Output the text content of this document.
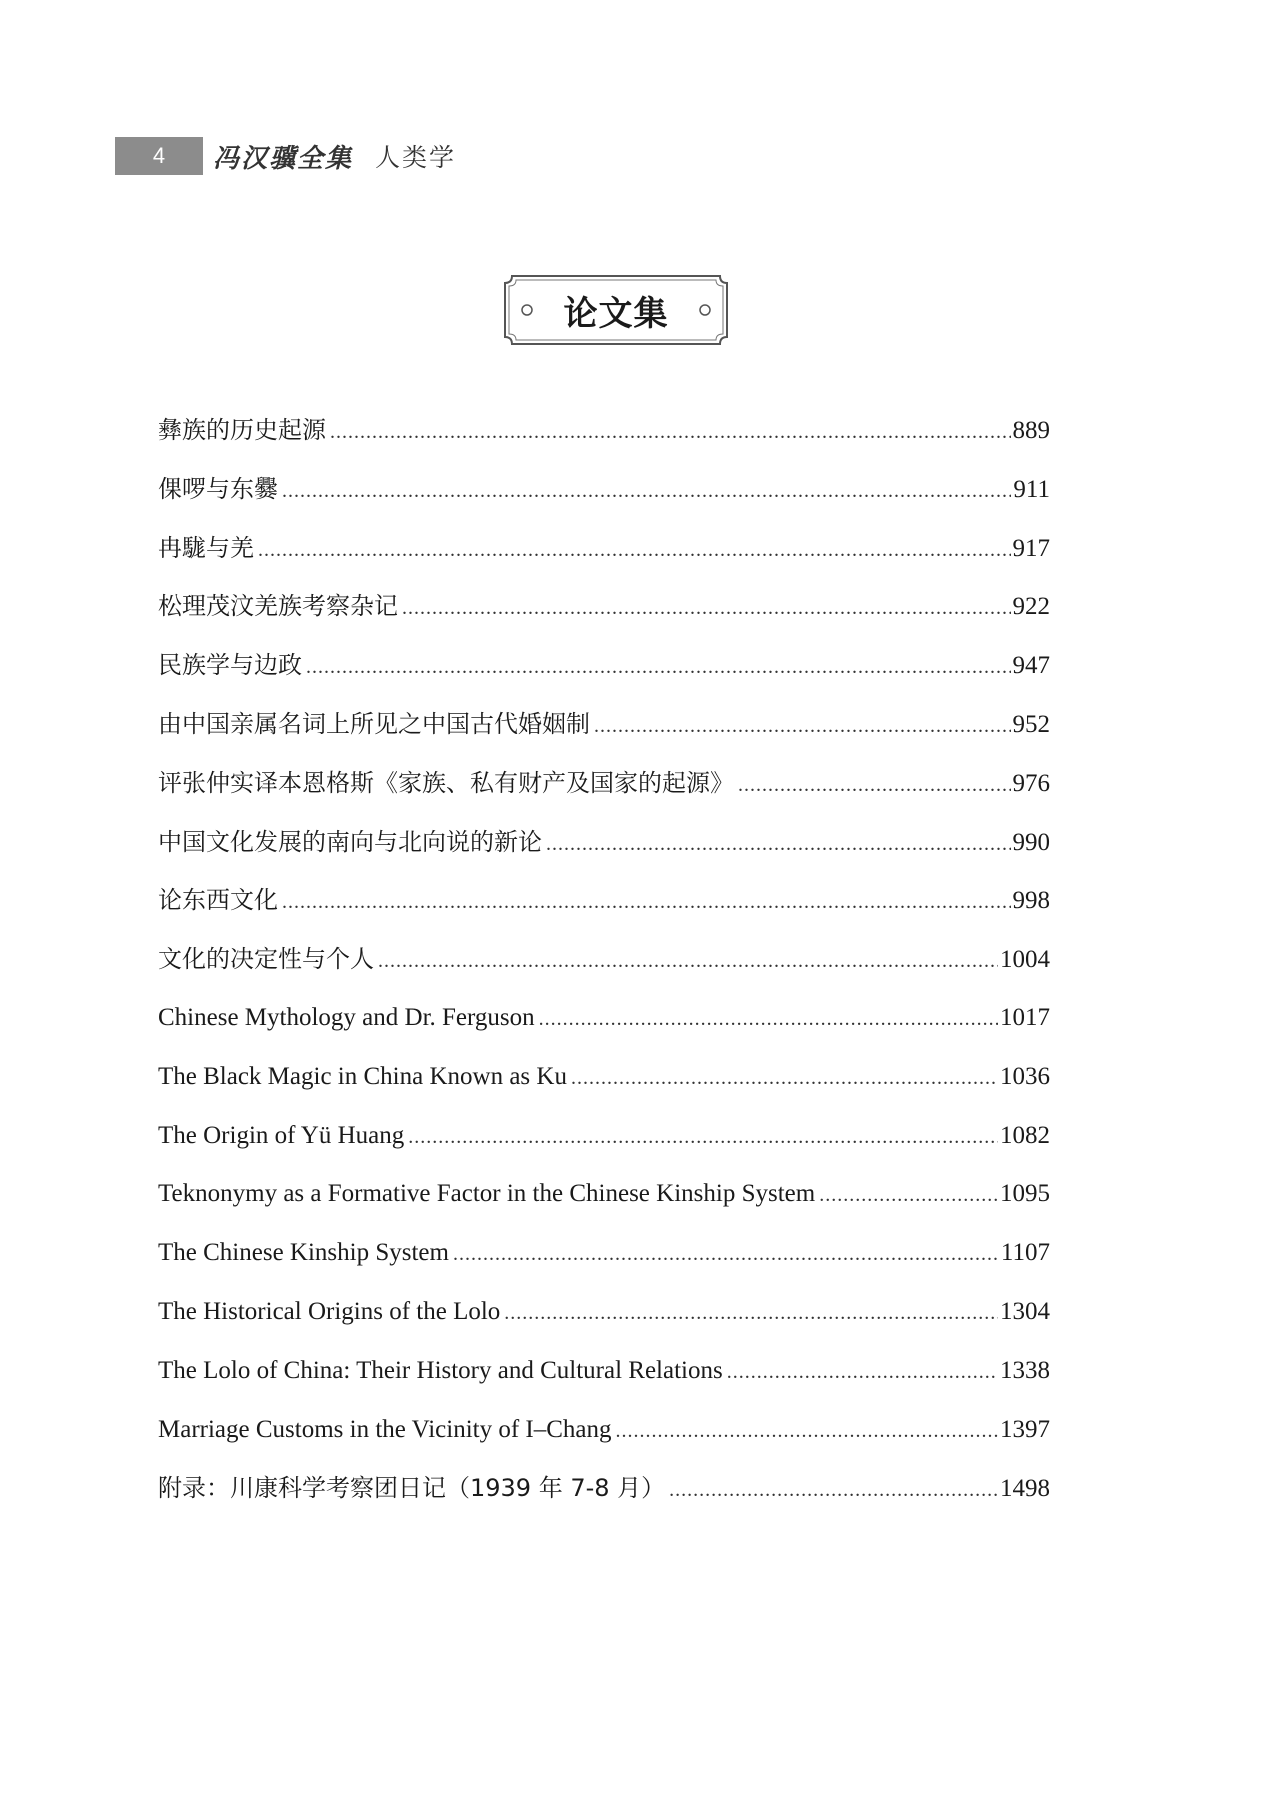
4	冯汉骥全集 人类学
论文集
彝族的历史起源 .....	889
倮啰与东爨 .....	911
冉駹与羌 .....	917
松理茂汶羌族考察杂记 .....	922
民族学与边政 .....	947
由中国亲属名词上所见之中国古代婚姻制 .....	952
评张仲实译本恩格斯《家族、私有财产及国家的起源》 .....	976
中国文化发展的南向与北向说的新论 .....	990
论东西文化 .....	998
文化的决定性与个人 .....	1004
Chinese Mythology and Dr. Ferguson .....	1017
The Black Magic in China Known as Ku .....	1036
The Origin of Yü Huang .....	1082
Teknonymy as a Formative Factor in the Chinese Kinship System .....	1095
The Chinese Kinship System .....	1107
The Historical Origins of the Lolo .....	1304
The Lolo of China: Their History and Cultural Relations .....	1338
Marriage Customs in the Vicinity of I–Chang .....	1397
附录：川康科学考察团日记（1939 年 7-8 月） .....	1498
